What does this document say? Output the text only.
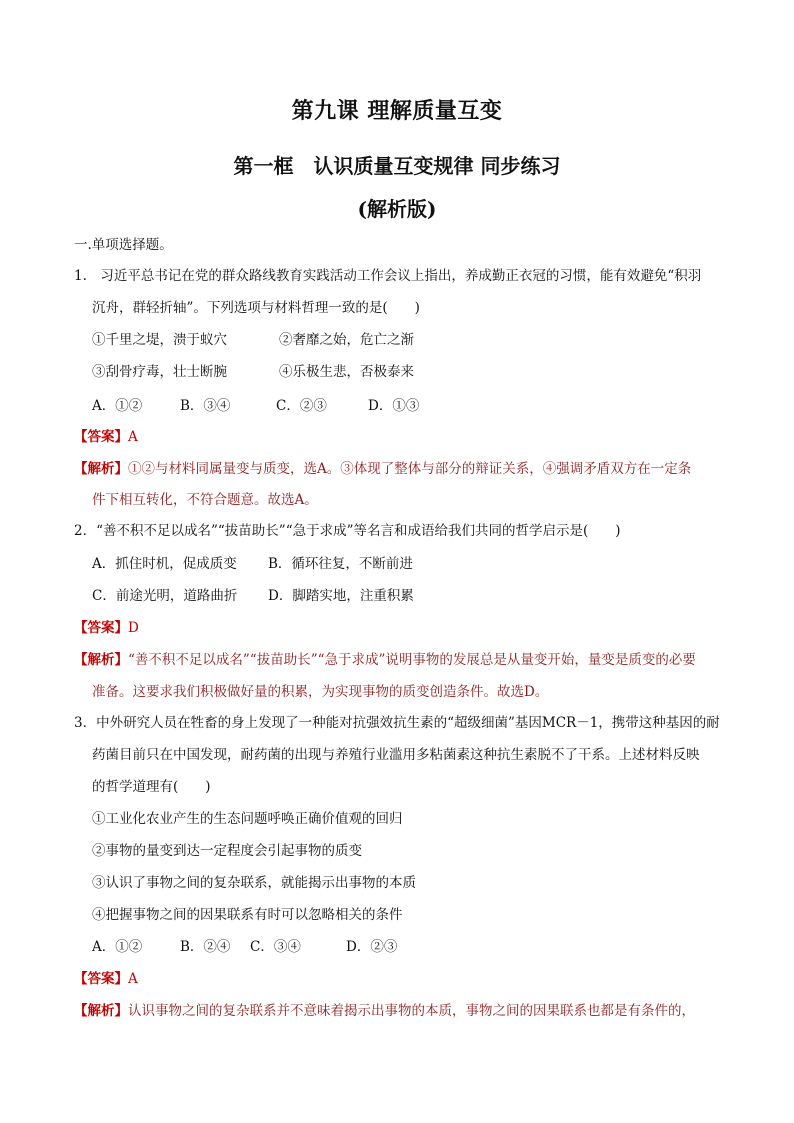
第九课 理解质量互变
第一框　认识质量互变规律 同步练习
(解析版)
一.单项选择题。
1.　习近平总书记在党的群众路线教育实践活动工作会议上指出，养成勤正衣冠的习惯，能有效避免“积羽
沉舟，群轻折轴”。下列选项与材料哲理一致的是(　　)
①千里之堤，溃于蚁穴	②奢靡之始，危亡之渐
③刮骨疗毒，壮士断腕	④乐极生悲，否极泰来
A．①②	B．③④	C．②③	D．①③
【答案】A
【解析】①②与材料同属量变与质变，选A。③体现了整体与部分的辩证关系，④强调矛盾双方在一定条
件下相互转化，不符合题意。故选A。
2．“善不积不足以成名”“拔苗助长”“急于求成”等名言和成语给我们共同的哲学启示是(　　)
A．抓住时机，促成质变 B．循环往复，不断前进
C．前途光明，道路曲折 D．脚踏实地，注重积累
【答案】D
【解析】“善不积不足以成名”“拔苗助长”“急于求成”说明事物的发展总是从量变开始，量变是质变的必要
准备。这要求我们积极做好量的积累，为实现事物的质变创造条件。故选D。
3．中外研究人员在牲畜的身上发现了一种能对抗强效抗生素的“超级细菌”基因MCR－1，携带这种基因的耐
药菌目前只在中国发现，耐药菌的出现与养殖行业滥用多粘菌素这种抗生素脱不了干系。上述材料反映
的哲学道理有(　　)
①工业化农业产生的生态问题呼唤正确价值观的回归
②事物的量变到达一定程度会引起事物的质变
③认识了事物之间的复杂联系，就能揭示出事物的本质
④把握事物之间的因果联系有时可以忽略相关的条件
A．①②	B．②④ C．③④	D．②③
【答案】A
【解析】认识事物之间的复杂联系并不意味着揭示出事物的本质，事物之间的因果联系也都是有条件的，
